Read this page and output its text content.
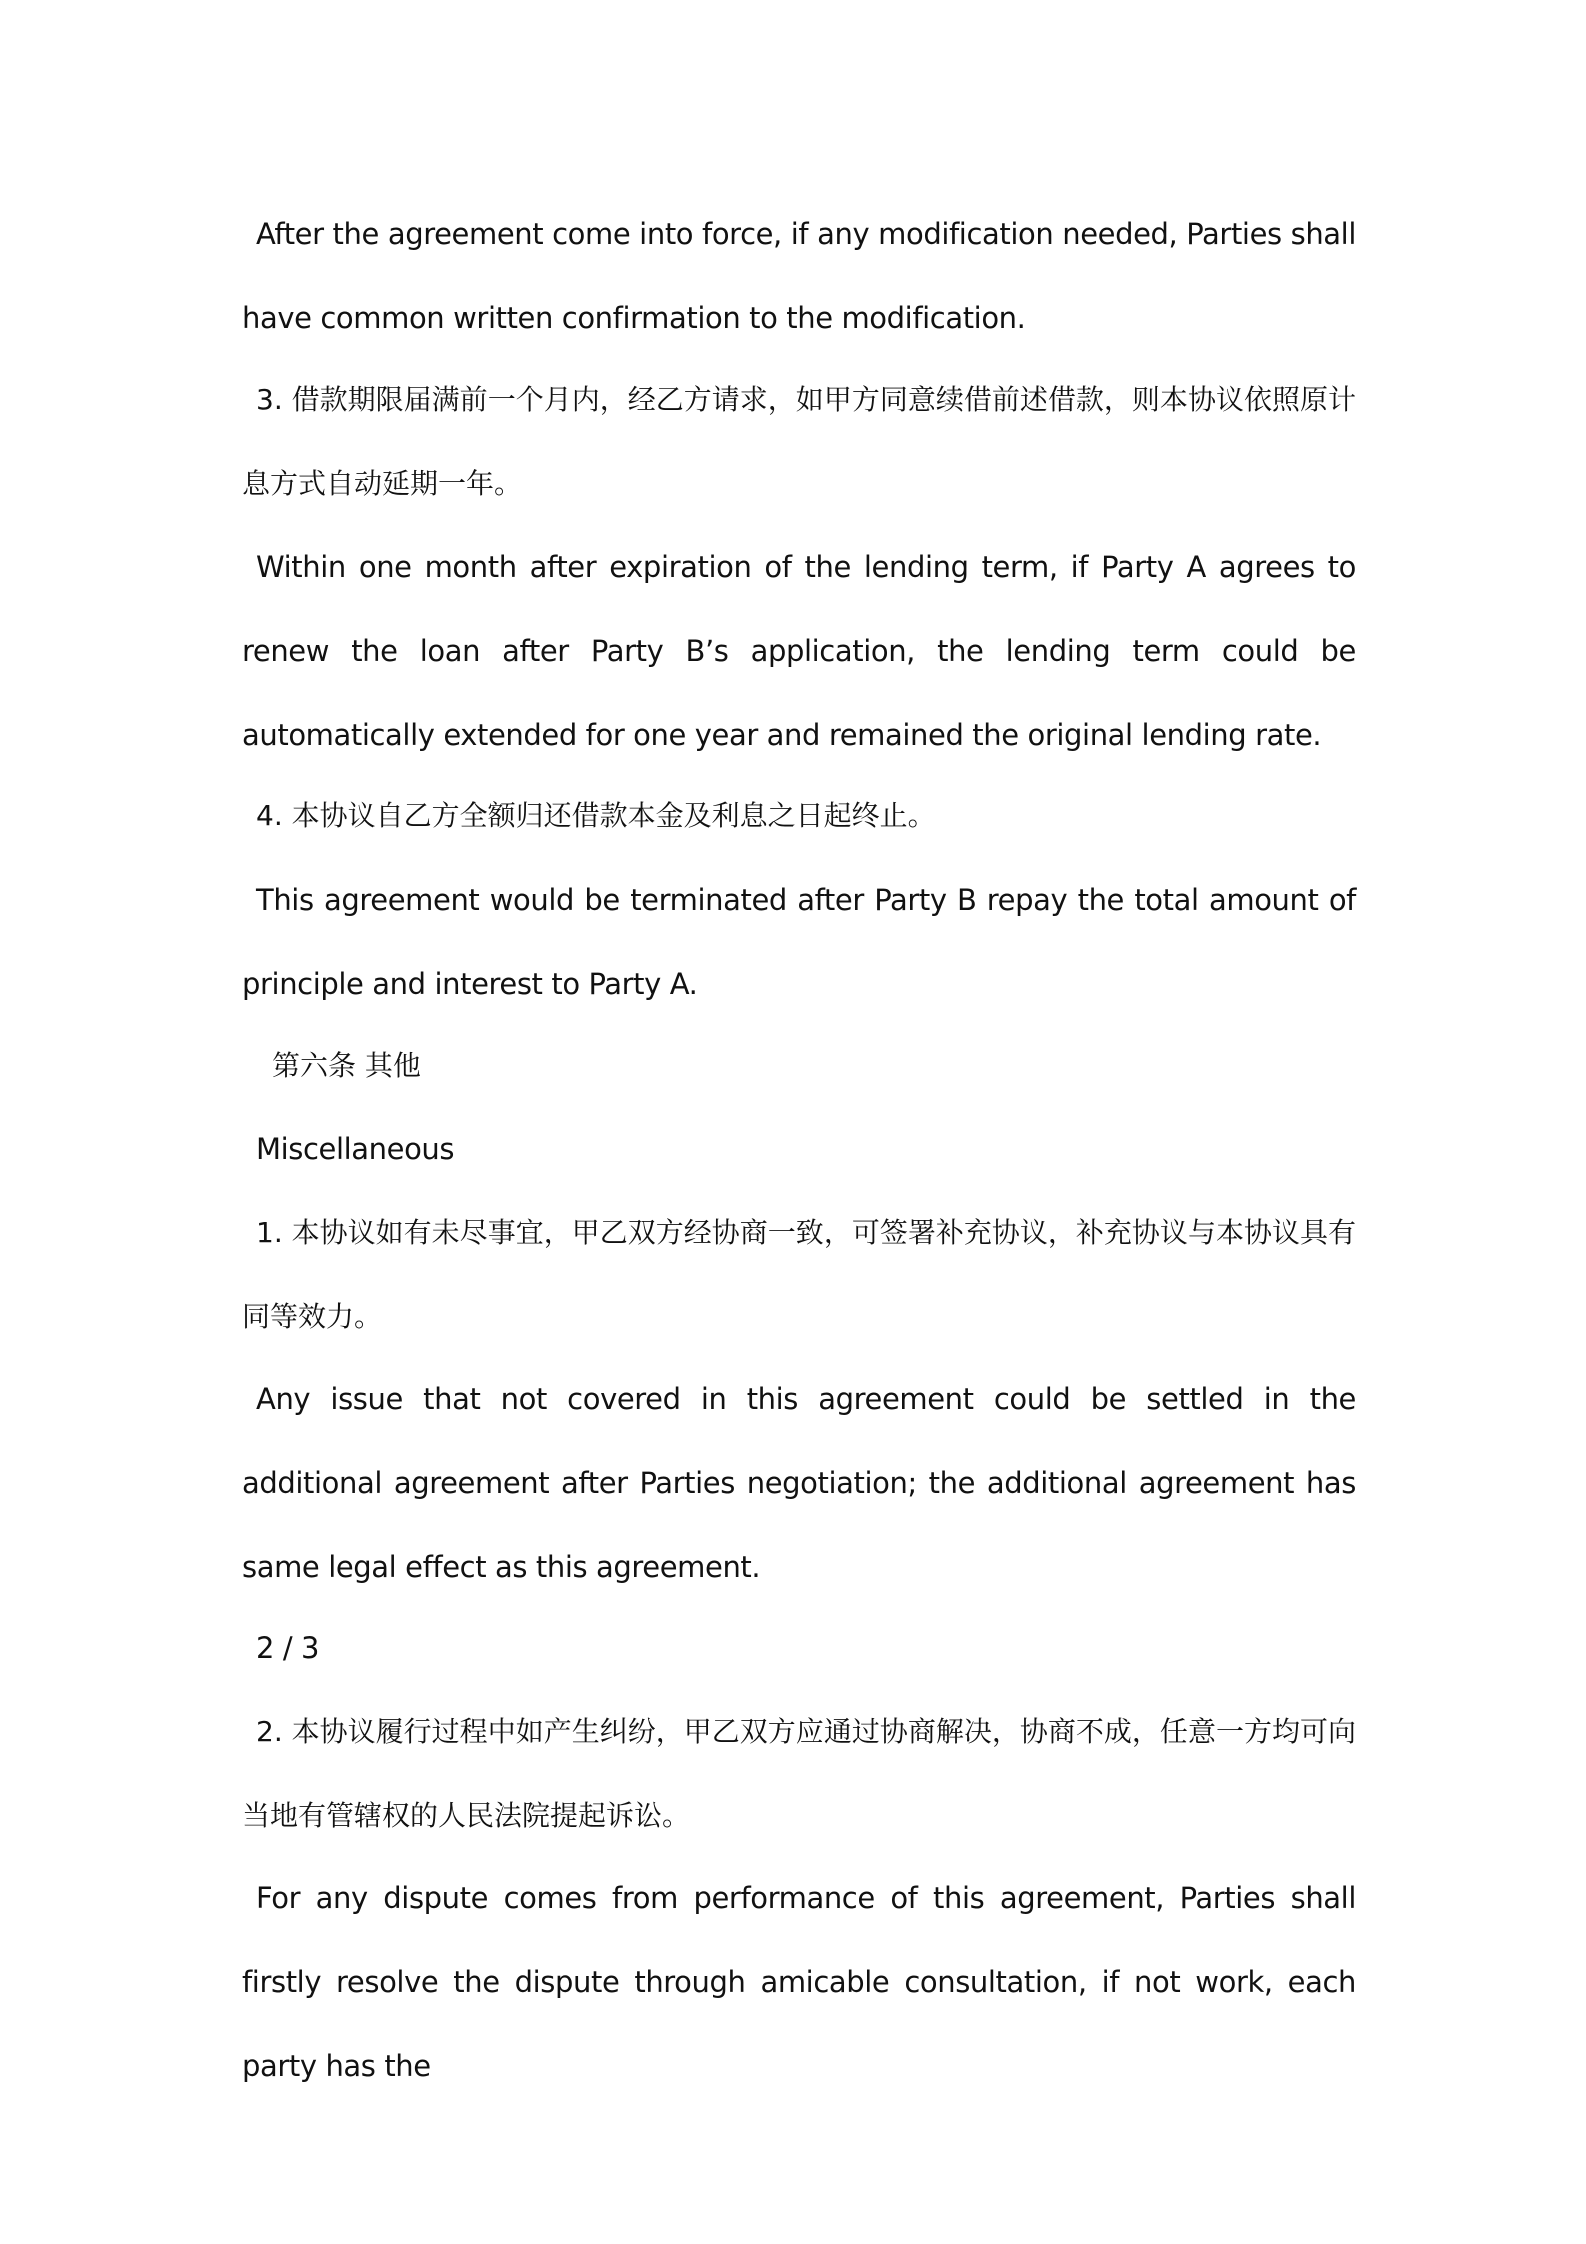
After the agreement come into force, if any modification needed, Parties shall have common written confirmation to the modification.

3. 借款期限届满前一个月内，经乙方请求，如甲方同意续借前述借款，则本协议依照原计息方式自动延期一年。

Within one month after expiration of the lending term, if Party A agrees to renew the loan after Party B’s application, the lending term could be automatically extended for one year and remained the original lending rate.

4. 本协议自乙方全额归还借款本金及利息之日起终止。

This agreement would be terminated after Party B repay the total amount of principle and interest to Party A.

第六条 其他

Miscellaneous

1. 本协议如有未尽事宜，甲乙双方经协商一致，可签署补充协议，补充协议与本协议具有同等效力。

Any issue that not covered in this agreement could be settled in the additional agreement after Parties negotiation; the additional agreement has same legal effect as this agreement.

2 / 3

2. 本协议履行过程中如产生纠纷，甲乙双方应通过协商解决，协商不成，任意一方均可向当地有管辖权的人民法院提起诉讼。

For any dispute comes from performance of this agreement, Parties shall firstly resolve the dispute through amicable consultation, if not work, each party has the
